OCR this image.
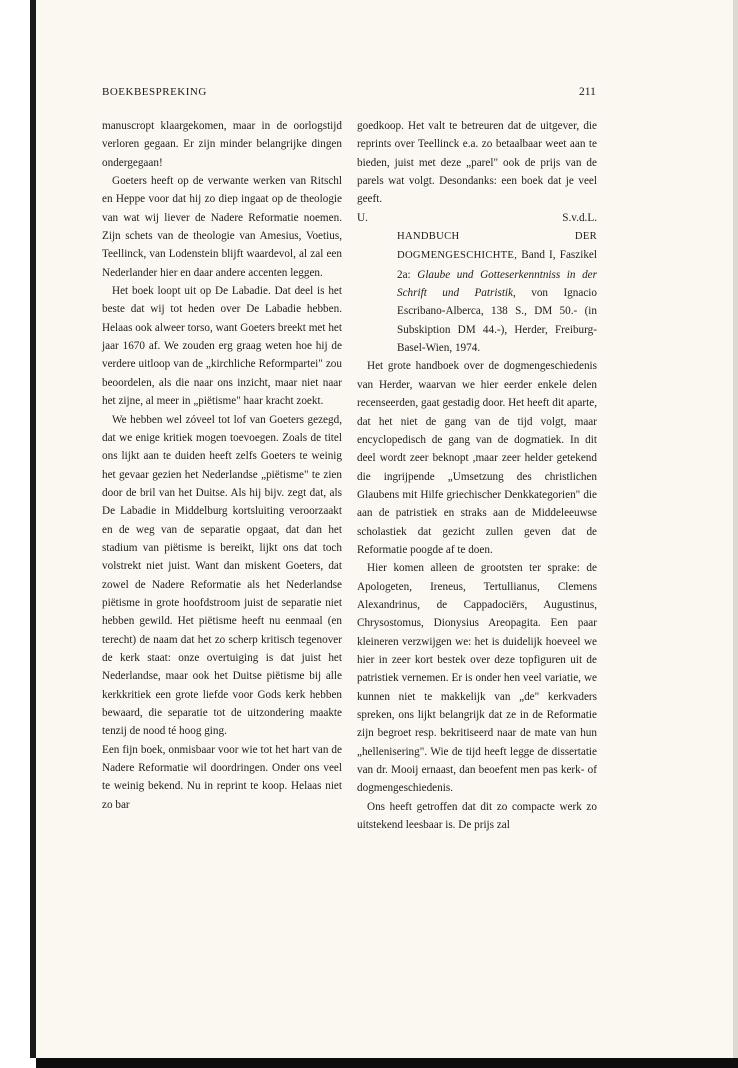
BOEKBESPREKING	211

manuscropt klaargekomen, maar in de oorlogstijd verloren gegaan. Er zijn minder belangrijke dingen ondergegaan!

Goeters heeft op de verwante werken van Ritschl en Heppe voor dat hij zo diep ingaat op de theologie van wat wij liever de Nadere Reformatie noemen. Zijn schets van de theologie van Amesius, Voetius, Teellinck, van Lodenstein blijft waardevol, al zal een Nederlander hier en daar andere accenten leggen.

Het boek loopt uit op De Labadie. Dat deel is het beste dat wij tot heden over De Labadie hebben. Helaas ook alweer torso, want Goeters breekt met het jaar 1670 af. We zouden erg graag weten hoe hij de verdere uitloop van de „kirchliche Reformpartei" zou beoordelen, als die naar ons inzicht, maar niet naar het zijne, al meer in „piëtisme" haar kracht zoekt.

We hebben wel zóveel tot lof van Goeters gezegd, dat we enige kritiek mogen toevoegen. Zoals de titel ons lijkt aan te duiden heeft zelfs Goeters te weinig het gevaar gezien het Nederlandse „piëtisme" te zien door de bril van het Duitse. Als hij bijv. zegt dat, als De Labadie in Middelburg kortsluiting veroorzaakt en de weg van de separatie opgaat, dat dan het stadium van piëtisme is bereikt, lijkt ons dat toch volstrekt niet juist. Want dan miskent Goeters, dat zowel de Nadere Reformatie als het Nederlandse piëtisme in grote hoofdstroom juist de separatie niet hebben gewild. Het piëtisme heeft nu eenmaal (en terecht) de naam dat het zo scherp kritisch tegenover de kerk staat: onze overtuiging is dat juist het Nederlandse, maar ook het Duitse piëtisme bij alle kerkkritiek een grote liefde voor Gods kerk hebben bewaard, die separatie tot de uitzondering maakte tenzij de nood té hoog ging.

Een fijn boek, onmisbaar voor wie tot het hart van de Nadere Reformatie wil doordringen. Onder ons veel te weinig bekend. Nu in reprint te koop. Helaas niet zo bar

goedkoop. Het valt te betreuren dat de uitgever, die reprints over Teellinck e.a. zo betaalbaar weet aan te bieden, juist met deze „parel" ook de prijs van de parels wat volgt. Desondanks: een boek dat je veel geeft.

U.	S.v.d.L.

HANDBUCH DER DOGMENGESCHICHTE, Band I, Faszikel 2a: Glaube und Gotteserkenntniss in der Schrift und Patristik, von Ignacio Escribano-Alberca, 138 S., DM 50.- (in Subskiption DM 44.-), Herder, Freiburg-Basel-Wien, 1974.

Het grote handboek over de dogmengeschiedenis van Herder, waarvan we hier eerder enkele delen recenseerden, gaat gestadig door. Het heeft dit aparte, dat het niet de gang van de tijd volgt, maar encyclopedisch de gang van de dogmatiek. In dit deel wordt zeer beknopt ,maar zeer helder getekend die ingrijpende „Umsetzung des christlichen Glaubens mit Hilfe griechischer Denkkategorien" die aan de patristiek en straks aan de Middeleeuwse scholastiek dat gezicht zullen geven dat de Reformatie poogde af te doen.

Hier komen alleen de grootsten ter sprake: de Apologeten, Ireneus, Tertullianus, Clemens Alexandrinus, de Cappadociërs, Augustinus, Chrysostomus, Dionysius Areopagita. Een paar kleineren verzwijgen we: het is duidelijk hoeveel we hier in zeer kort bestek over deze topfiguren uit de patristiek vernemen. Er is onder hen veel variatie, we kunnen niet te makkelijk van „de" kerkvaders spreken, ons lijkt belangrijk dat ze in de Reformatie zijn begroet resp. bekritiseerd naar de mate van hun „hellenisering". Wie de tijd heeft legge de dissertatie van dr. Mooij ernaast, dan beoefent men pas kerk- of dogmengeschiedenis.

Ons heeft getroffen dat dit zo compacte werk zo uitstekend leesbaar is. De prijs zal
